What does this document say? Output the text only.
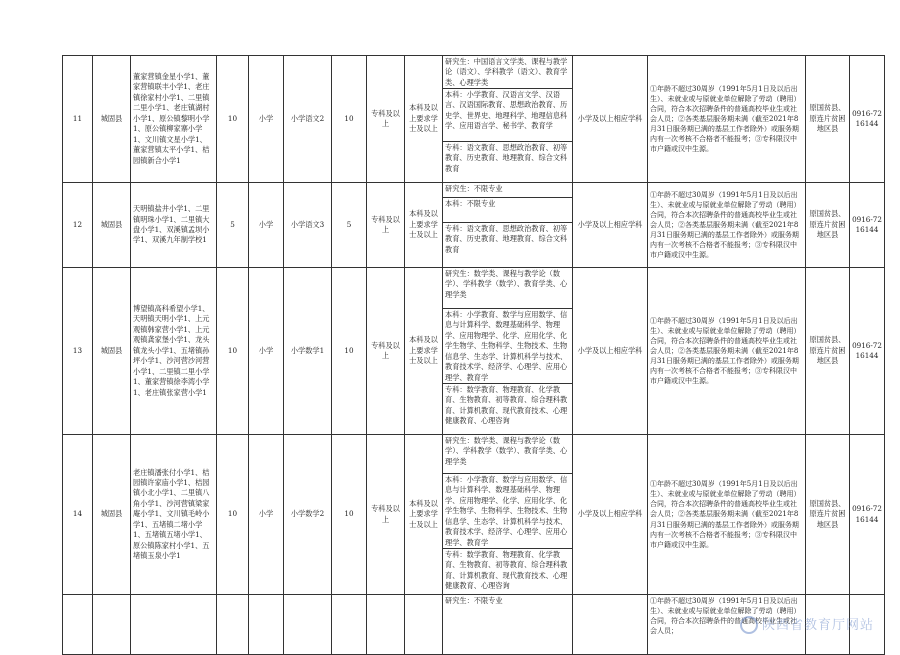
11	城固县	董家营镇金星小学1、董家营镇联丰小学1、老庄镇徐家村小学1、二里镇二里小学1、老庄镇湖村小学1、原公镇黎明小学1、原公镇柳家寨小学1、文川镇文星小学1、董家营镇太平小学1、桔园镇新合小学1	10	小学	小学语文2	10	专科及以上	本科及以上要求学士及以上	研究生：中国语言文学类、课程与教学论（语文）、学科教学（语文）、教育学类、心理学类
本科：小学教育、汉语言文学、汉语言、汉语国际教育、思想政治教育、历史学、世界史、地理科学、地理信息科学、应用语言学、秘书学、教育学
专科：语文教育、思想政治教育、初等教育、历史教育、地理教育、综合文科教育	小学及以上相应学科	①年龄不超过30周岁（1991年5月1日及以后出生）、未就业或与原就业单位解除了劳动（聘用）合同，符合本次招聘条件的普通高校毕业生或社会人员；②各类基层服务期未满（截至2021年8月31日服务期已满的基层工作者除外）或服务期内有一次考核不合格者不能报考；③专科限汉中市户籍或汉中生源。	原国贫县、原连片贫困地区县	0916-7216144
12	城固县	天明镇盐井小学1、二里镇明珠小学1、二里镇大盘小学1、双溪镇孟坝小学1、双溪九年制学校1	5	小学	小学语文3	5	专科及以上	本科及以上要求学士及以上	研究生：不限专业
本科：不限专业
专科：语文教育、思想政治教育、初等教育、历史教育、地理教育、综合文科教育	小学及以上相应学科	①年龄不超过30周岁（1991年5月1日及以后出生）、未就业或与原就业单位解除了劳动（聘用）合同，符合本次招聘条件的普通高校毕业生或社会人员；②各类基层服务期未满（截至2021年8月31日服务期已满的基层工作者除外）或服务期内有一次考核不合格者不能报考；③专科限汉中市户籍或汉中生源。	原国贫县、原连片贫困地区县	0916-7216144
13	城固县	博望镇高科希望小学1、天明镇天明小学1、上元观镇韩家营小学1、上元观镇龚家堡小学1、龙头镇龙头小学1、五堵镇孙坪小学1、沙河营沙河营小学1、二里镇二里小学1、董家营镇徐李湾小学1、老庄镇张家营小学1	10	小学	小学数学1	10	专科及以上	本科及以上要求学士及以上	研究生：数学类、课程与教学论（数学）、学科教学（数学）、教育学类、心理学类
本科：小学教育、数学与应用数学、信息与计算科学、数理基础科学、物理学、应用物理学、化学、应用化学、化学生物学、生物科学、生物技术、生物信息学、生态学、计算机科学与技术、教育技术学、经济学、心理学、应用心理学、教育学
专科：数学教育、物理教育、化学教育、生物教育、初等教育、综合理科教育、计算机教育、现代教育技术、心理健康教育、心理咨询	小学及以上相应学科	①年龄不超过30周岁（1991年5月1日及以后出生）、未就业或与原就业单位解除了劳动（聘用）合同，符合本次招聘条件的普通高校毕业生或社会人员；②各类基层服务期未满（截至2021年8月31日服务期已满的基层工作者除外）或服务期内有一次考核不合格者不能报考；③专科限汉中市户籍或汉中生源。	原国贫县、原连片贫困地区县	0916-7216144
14	城固县	老庄镇潘张付小学1、桔园镇许家庙小学1、桔园镇小北小学1、二里镇八角小学1、沙河营镇梁家庵小学1、文川镇毛岭小学1、五堵镇二堵小学1、五堵镇五堵小学1、原公镇陈家村小学1、五堵镇玉泉小学1	10	小学	小学数学2	10	专科及以上	本科及以上要求学士及以上	研究生：数学类、课程与教学论（数学）、学科教学（数学）、教育学类、心理学类
本科：小学教育、数学与应用数学、信息与计算科学、数理基础科学、物理学、应用物理学、化学、应用化学、化学生物学、生物科学、生物技术、生物信息学、生态学、计算机科学与技术、教育技术学、经济学、心理学、应用心理学、教育学
专科：数学教育、物理教育、化学教育、生物教育、初等教育、综合理科教育、计算机教育、现代教育技术、心理健康教育、心理咨询	小学及以上相应学科	①年龄不超过30周岁（1991年5月1日及以后出生）、未就业或与原就业单位解除了劳动（聘用）合同，符合本次招聘条件的普通高校毕业生或社会人员；②各类基层服务期未满（截至2021年8月31日服务期已满的基层工作者除外）或服务期内有一次考核不合格者不能报考；③专科限汉中市户籍或汉中生源。	原国贫县、原连片贫困地区县	0916-7216144

									研究生：不限专业		①年龄不超过30周岁（1991年5月1日及以后出生）、未就业或与原就业单位解除了劳动（聘用）合同，符合本次招聘条件的普通高校毕业生或社会人员；			陕西省教育厅网站
